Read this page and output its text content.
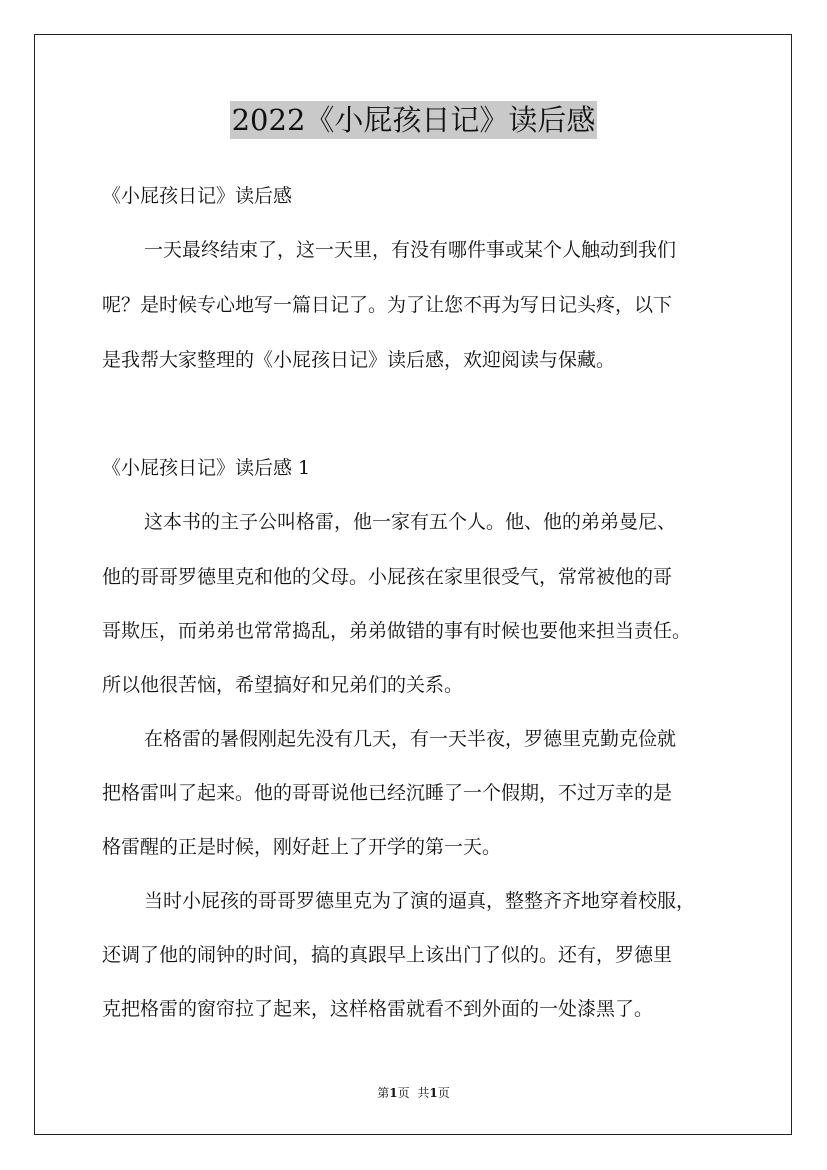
2022《小屁孩日记》读后感
《小屁孩日记》读后感
一天最终结束了，这一天里，有没有哪件事或某个人触动到我们
呢？是时候专心地写一篇日记了。为了让您不再为写日记头疼，以下
是我帮大家整理的《小屁孩日记》读后感，欢迎阅读与保藏。
《小屁孩日记》读后感 1
这本书的主子公叫格雷，他一家有五个人。他、他的弟弟曼尼、
他的哥哥罗德里克和他的父母。小屁孩在家里很受气，常常被他的哥
哥欺压，而弟弟也常常捣乱，弟弟做错的事有时候也要他来担当责任。
所以他很苦恼，希望搞好和兄弟们的关系。
在格雷的暑假刚起先没有几天，有一天半夜，罗德里克勤克俭就
把格雷叫了起来。他的哥哥说他已经沉睡了一个假期，不过万幸的是
格雷醒的正是时候，刚好赶上了开学的第一天。
当时小屁孩的哥哥罗德里克为了演的逼真，整整齐齐地穿着校服，
还调了他的闹钟的时间，搞的真跟早上该出门了似的。还有，罗德里
克把格雷的窗帘拉了起来，这样格雷就看不到外面的一处漆黑了。
第1页 共1页
